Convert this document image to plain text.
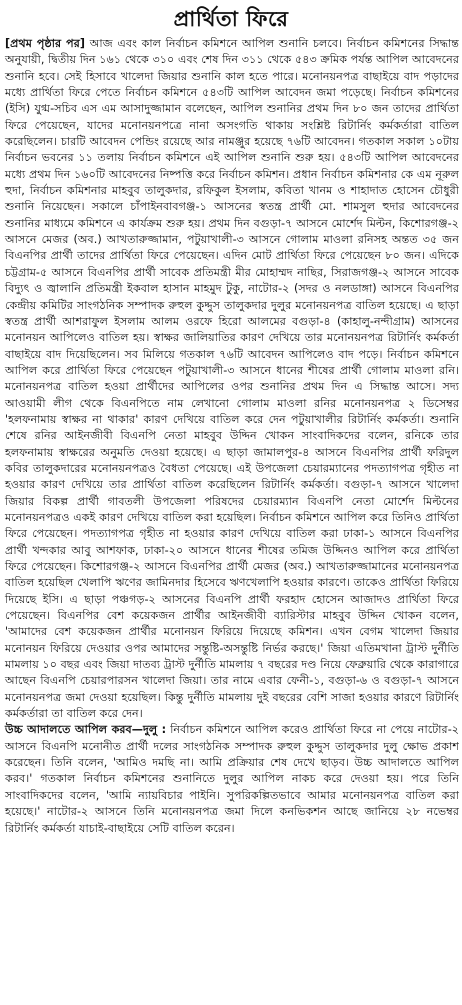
প্রার্থিতা ফিরে

[প্রথম পৃষ্ঠার পর] আজ এবং কাল নির্বাচন কমিশনে আপিল শুনানি চলবে। নির্বাচন কমিশনের সিদ্ধান্ত অনুযায়ী, দ্বিতীয় দিন ১৬১ থেকে ৩১০ এবং শেষ দিন ৩১১ থেকে ৫৪৩ ক্রমিক পর্যন্ত আপিল আবেদনের শুনানি হবে। সেই হিসাবে খালেদা জিয়ার শুনানি কাল হতে পারে। মনোনয়নপত্র বাছাইয়ে বাদ পড়াদের মধ্যে প্রার্থিতা ফিরে পেতে নির্বাচন কমিশনে ৫৪৩টি আপিল আবেদন জমা পড়েছে। নির্বাচন কমিশনের (ইসি) যুগ্ম-সচিব এস এম আসাদুজ্জামান বলেছেন, আপিল শুনানির প্রথম দিন ৮০ জন তাদের প্রার্থিতা ফিরে পেয়েছেন, যাদের মনোনয়নপত্রে নানা অসংগতি থাকায় সংশ্লিষ্ট রিটার্নিং কর্মকর্তারা বাতিল করেছিলেন। চারটি আবেদন পেন্ডিং রয়েছে আর নামঞ্জুর হয়েছে ৭৬টি আবেদন। গতকাল সকাল ১০টায় নির্বাচন ভবনের ১১ তলায় নির্বাচন কমিশনে এই আপিল শুনানি শুরু হয়। ৫৪৩টি আপিল আবেদনের মধ্যে প্রথম দিন ১৬০টি আবেদনের নিষ্পত্তি করে নির্বাচন কমিশন। প্রধান নির্বাচন কমিশনার কে এম নূরুল হুদা, নির্বাচন কমিশনার মাহবুব তালুকদার, রফিকুল ইসলাম, কবিতা খানম ও শাহাদাত হোসেন চৌধুরী শুনানি নিয়েছেন। সকালে চাঁপাইনবাবগঞ্জ-১ আসনের স্বতন্ত্র প্রার্থী মো. শামসুল হুদার আবেদনের শুনানির মাধ্যমে কমিশনে এ কার্যক্রম শুরু হয়। প্রথম দিন বগুড়া-৭ আসনে মোর্শেদ মিল্টন, কিশোরগঞ্জ-২ আসনে মেজর (অব.) আখতারুজ্জামান, পটুয়াখালী-৩ আসনে গোলাম মাওলা রনিসহ অন্তত ৩৫ জন বিএনপির প্রার্থী তাদের প্রার্থিতা ফিরে পেয়েছেন। এদিন মোট প্রার্থিতা ফিরে পেয়েছেন ৮০ জন। এদিকে চট্টগ্রাম-৫ আসনে বিএনপির প্রার্থী সাবেক প্রতিমন্ত্রী মীর মোহাম্মদ নাছির, সিরাজগঞ্জ-২ আসনে সাবেক বিদ্যুৎ ও জ্বালানি প্রতিমন্ত্রী ইকবাল হাসান মাহমুদ টুকু, নাটোর-২ (সদর ও নলডাঙ্গা) আসনে বিএনপির কেন্দ্রীয় কমিটির সাংগঠনিক সম্পাদক রুহুল কুদ্দুস তালুকদার দুলুর মনোনয়নপত্র বাতিল হয়েছে। এ ছাড়া স্বতন্ত্র প্রার্থী আশরাফুল ইসলাম আলম ওরফে হিরো আলমের বগুড়া-৪ (কাহালু-নন্দীগ্রাম) আসনের মনোনয়ন আপিলেও বাতিল হয়। স্বাক্ষর জালিয়াতির কারণ দেখিয়ে তার মনোনয়নপত্র রিটার্নিং কর্মকর্তা বাছাইয়ে বাদ দিয়েছিলেন। সব মিলিয়ে গতকাল ৭৬টি আবেদন আপিলেও বাদ পড়ে। নির্বাচন কমিশনে আপিল করে প্রার্থিতা ফিরে পেয়েছেন পটুয়াখালী-৩ আসনে ধানের শীষের প্রার্থী গোলাম মাওলা রনি। মনোনয়নপত্র বাতিল হওয়া প্রার্থীদের আপিলের ওপর শুনানির প্রথম দিন এ সিদ্ধান্ত আসে। সদ্য আওয়ামী লীগ থেকে বিএনপিতে নাম লেখানো গোলাম মাওলা রনির মনোনয়নপত্র ২ ডিসেম্বর 'হলফনামায় স্বাক্ষর না থাকার' কারণ দেখিয়ে বাতিল করে দেন পটুয়াখালীর রিটার্নিং কর্মকর্তা। শুনানি শেষে রনির আইনজীবী বিএনপি নেতা মাহবুব উদ্দিন খোকন সাংবাদিকদের বলেন, রনিকে তার হলফনামায় স্বাক্ষরের অনুমতি দেওয়া হয়েছে। এ ছাড়া জামালপুর-৪ আসনে বিএনপির প্রার্থী ফরিদুল কবির তালুকদারের মনোনয়নপত্রও বৈধতা পেয়েছে। এই উপজেলা চেয়ারম্যানের পদত্যাগপত্র গৃহীত না হওয়ার কারণ দেখিয়ে তার প্রার্থিতা বাতিল করেছিলেন রিটার্নিং কর্মকর্তা। বগুড়া-৭ আসনে খালেদা জিয়ার বিকল্প প্রার্থী গাবতলী উপজেলা পরিষদের চেয়ারম্যান বিএনপি নেতা মোর্শেদ মিল্টনের মনোনয়নপত্রও একই কারণ দেখিয়ে বাতিল করা হয়েছিল। নির্বাচন কমিশনে আপিল করে তিনিও প্রার্থিতা ফিরে পেয়েছেন। পদত্যাগপত্র গৃহীত না হওয়ার কারণ দেখিয়ে বাতিল করা ঢাকা-১ আসনে বিএনপির প্রার্থী খন্দকার আবু আশফাক, ঢাকা-২০ আসনে ধানের শীষের তমিজ উদ্দিনও আপিল করে প্রার্থিতা ফিরে পেয়েছেন। কিশোরগঞ্জ-২ আসনে বিএনপির প্রার্থী মেজর (অব.) আখতারুজ্জামানের মনোনয়নপত্র বাতিল হয়েছিল খেলাপি ঋণের জামিনদার হিসেবে ঋণখেলাপি হওয়ার কারণে। তাকেও প্রার্থিতা ফিরিয়ে দিয়েছে ইসি। এ ছাড়া পঞ্চগড়-২ আসনের বিএনপি প্রার্থী ফরহাদ হোসেন আজাদও প্রার্থিতা ফিরে পেয়েছেন। বিএনপির বেশ কয়েকজন প্রার্থীর আইনজীবী ব্যারিস্টার মাহবুব উদ্দিন খোকন বলেন, 'আমাদের বেশ কয়েকজন প্রার্থীর মনোনয়ন ফিরিয়ে দিয়েছে কমিশন। এখন বেগম খালেদা জিয়ার মনোনয়ন ফিরিয়ে দেওয়ার ওপর আমাদের সন্তুষ্টি-অসন্তুষ্টি নির্ভর করছে।' জিয়া এতিমখানা ট্রাস্ট দুর্নীতি মামলায় ১০ বছর এবং জিয়া দাতব্য ট্রাস্ট দুর্নীতি মামলায় ৭ বছরের দণ্ড নিয়ে ফেব্রুয়ারি থেকে কারাগারে আছেন বিএনপি চেয়ারপারসন খালেদা জিয়া। তার নামে এবার ফেনী-১, বগুড়া-৬ ও বগুড়া-৭ আসনে মনোনয়নপত্র জমা দেওয়া হয়েছিল। কিন্তু দুর্নীতি মামলায় দুই বছরের বেশি সাজা হওয়ার কারণে রিটার্নিং কর্মকর্তারা তা বাতিল করে দেন।

উচ্চ আদালতে আপিল করব—দুলু : নির্বাচন কমিশনে আপিল করেও প্রার্থিতা ফিরে না পেয়ে নাটোর-২ আসনে বিএনপি মনোনীত প্রার্থী দলের সাংগঠনিক সম্পাদক রুহুল কুদ্দুস তালুকদার দুলু ক্ষোভ প্রকাশ করেছেন। তিনি বলেন, 'আমিও দমছি না। আমি প্রক্রিয়ার শেষ দেখে ছাড়ব। উচ্চ আদালতে আপিল করব।' গতকাল নির্বাচন কমিশনের শুনানিতে দুলুর আপিল নাকচ করে দেওয়া হয়। পরে তিনি সাংবাদিকদের বলেন, 'আমি ন্যায়বিচার পাইনি। সুপরিকল্পিতভাবে আমার মনোনয়নপত্র বাতিল করা হয়েছে।' নাটোর-২ আসনে তিনি মনোনয়নপত্র জমা দিলে কনভিকশন আছে জানিয়ে ২৮ নভেম্বর রিটার্নিং কর্মকর্তা যাচাই-বাছাইয়ে সেটি বাতিল করেন।
